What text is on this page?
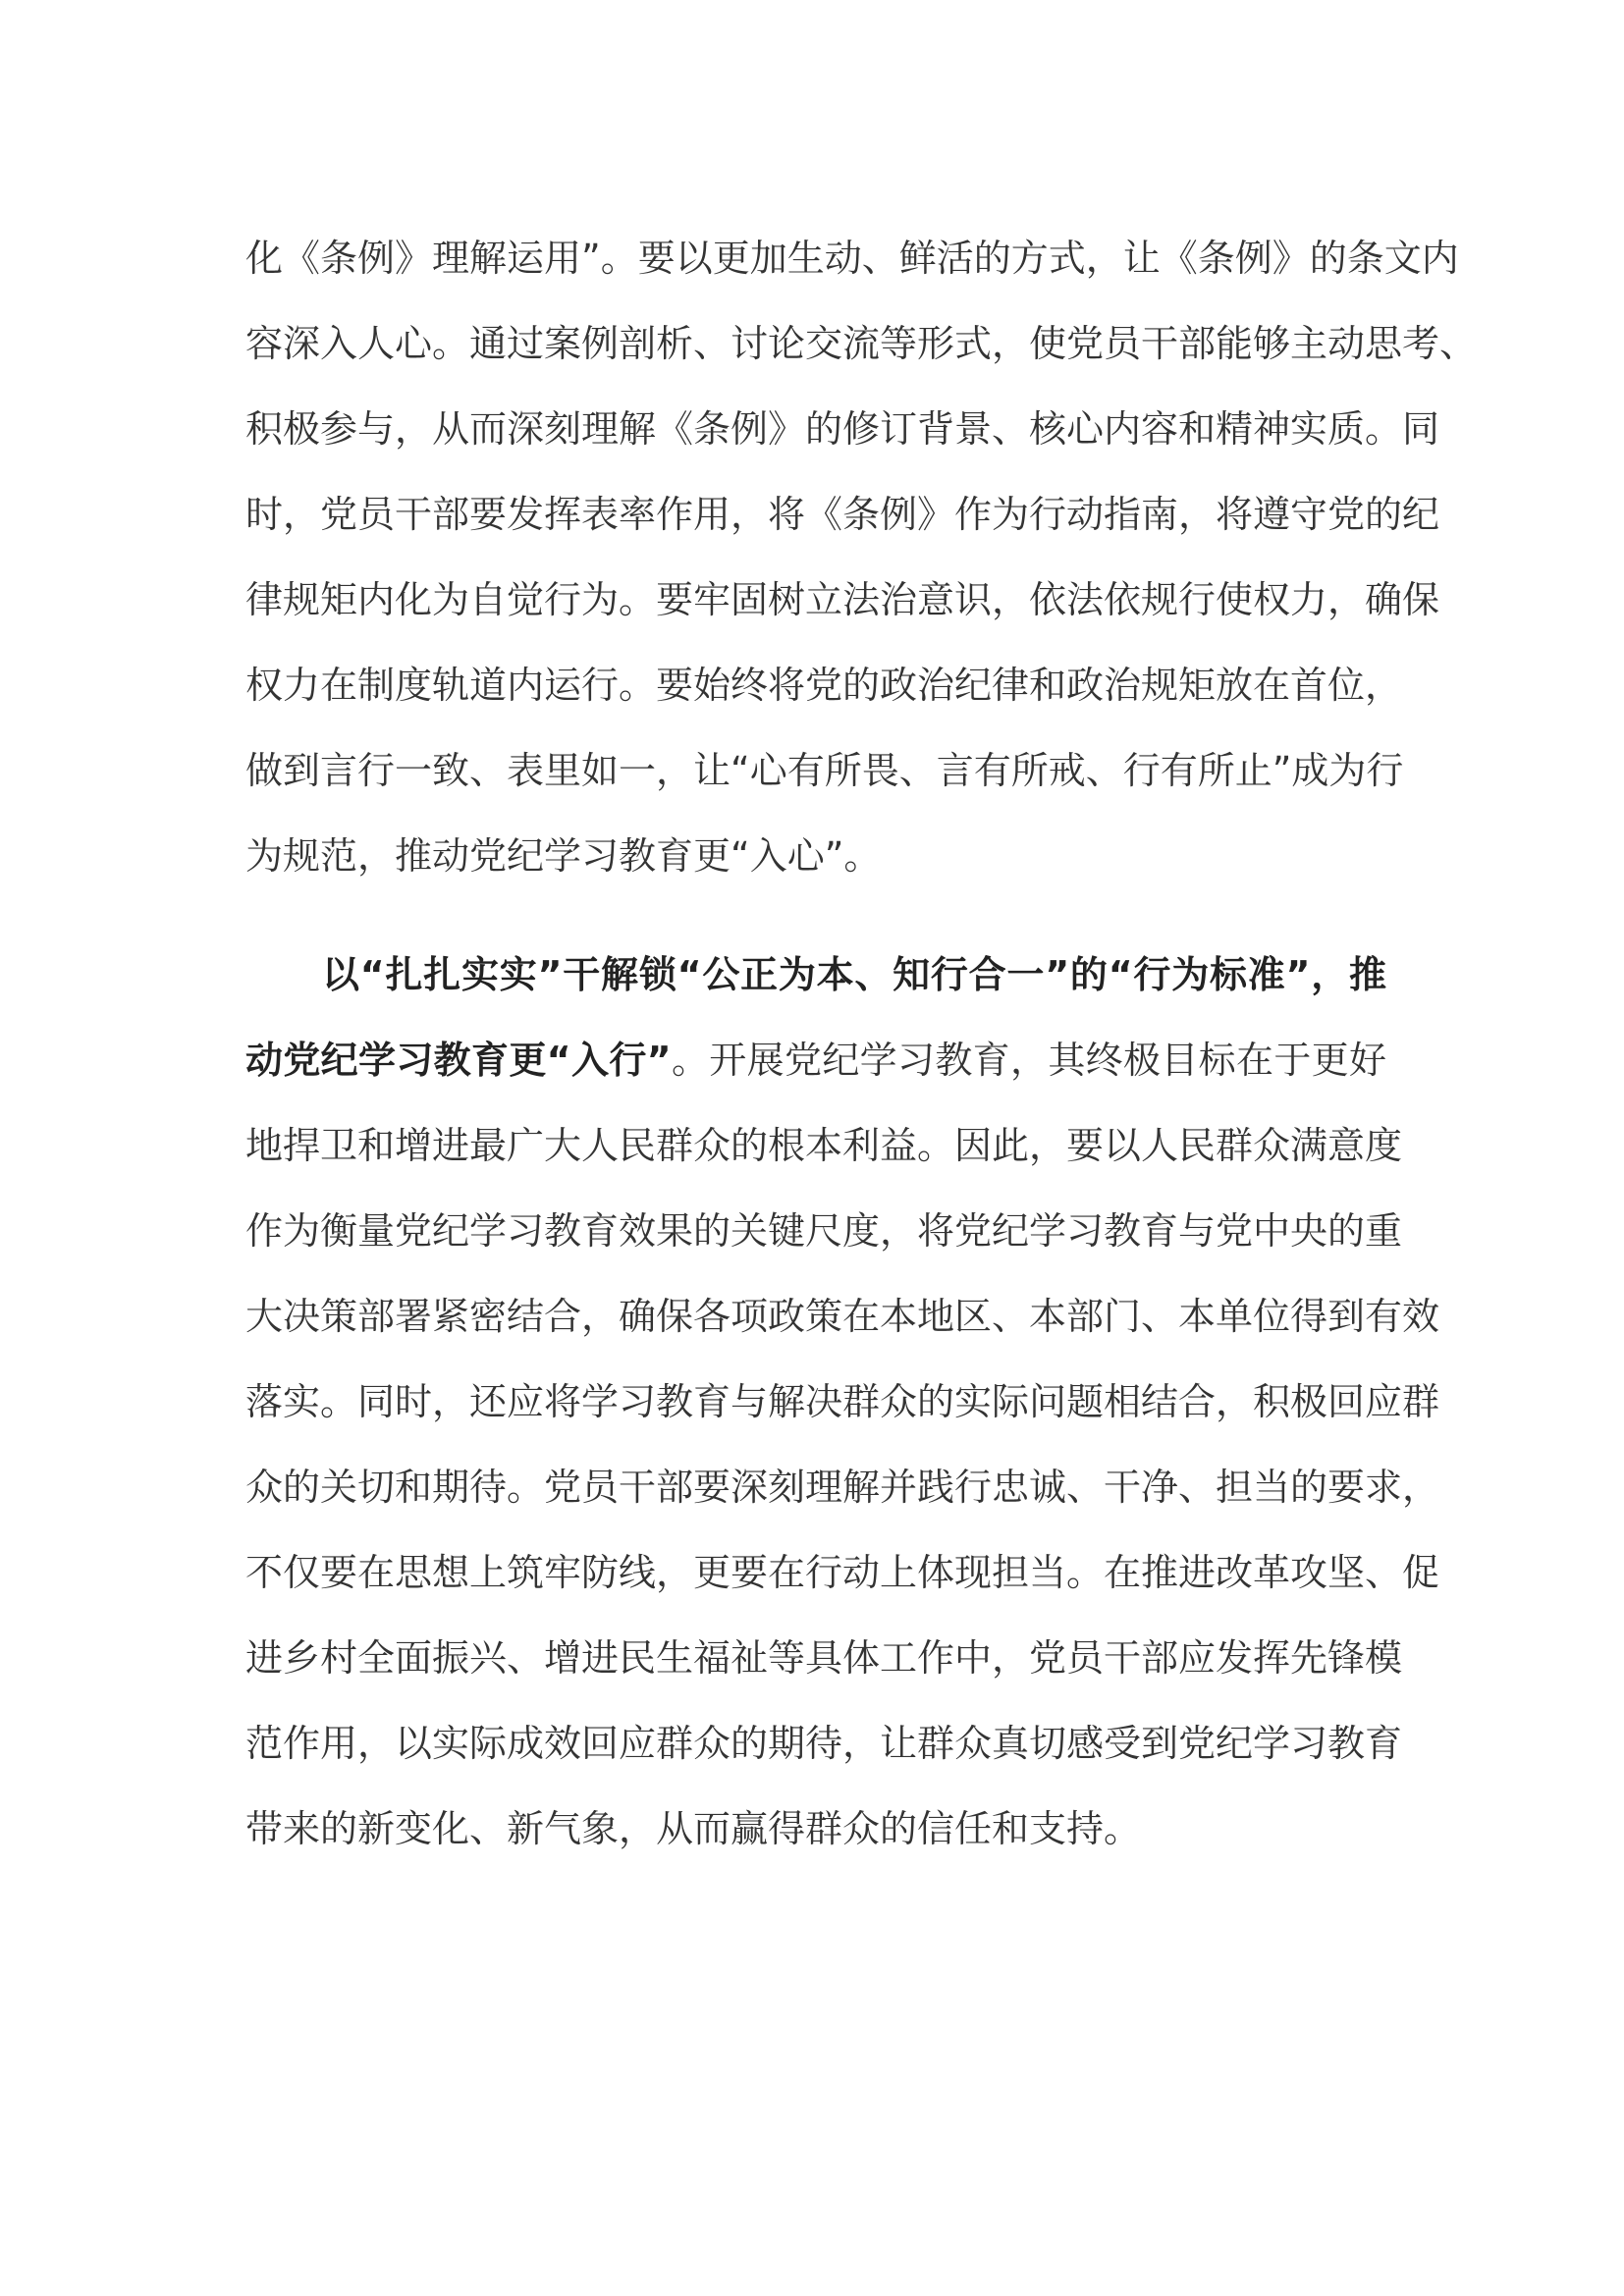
化《条例》理解运用”。要以更加生动、鲜活的方式，让《条例》的条文内
容深入人心。通过案例剖析、讨论交流等形式，使党员干部能够主动思考、
积极参与，从而深刻理解《条例》的修订背景、核心内容和精神实质。同
时，党员干部要发挥表率作用，将《条例》作为行动指南，将遵守党的纪
律规矩内化为自觉行为。要牢固树立法治意识，依法依规行使权力，确保
权力在制度轨道内运行。要始终将党的政治纪律和政治规矩放在首位，
做到言行一致、表里如一，让“心有所畏、言有所戒、行有所止”成为行
为规范，推动党纪学习教育更“入心”。
以“扎扎实实”干解锁“公正为本、知行合一”的“行为标准”，推
动党纪学习教育更“入行”。开展党纪学习教育，其终极目标在于更好
地捍卫和增进最广大人民群众的根本利益。因此，要以人民群众满意度
作为衡量党纪学习教育效果的关键尺度，将党纪学习教育与党中央的重
大决策部署紧密结合，确保各项政策在本地区、本部门、本单位得到有效
落实。同时，还应将学习教育与解决群众的实际问题相结合，积极回应群
众的关切和期待。党员干部要深刻理解并践行忠诚、干净、担当的要求，
不仅要在思想上筑牢防线，更要在行动上体现担当。在推进改革攻坚、促
进乡村全面振兴、增进民生福祉等具体工作中，党员干部应发挥先锋模
范作用，以实际成效回应群众的期待，让群众真切感受到党纪学习教育
带来的新变化、新气象，从而赢得群众的信任和支持。
